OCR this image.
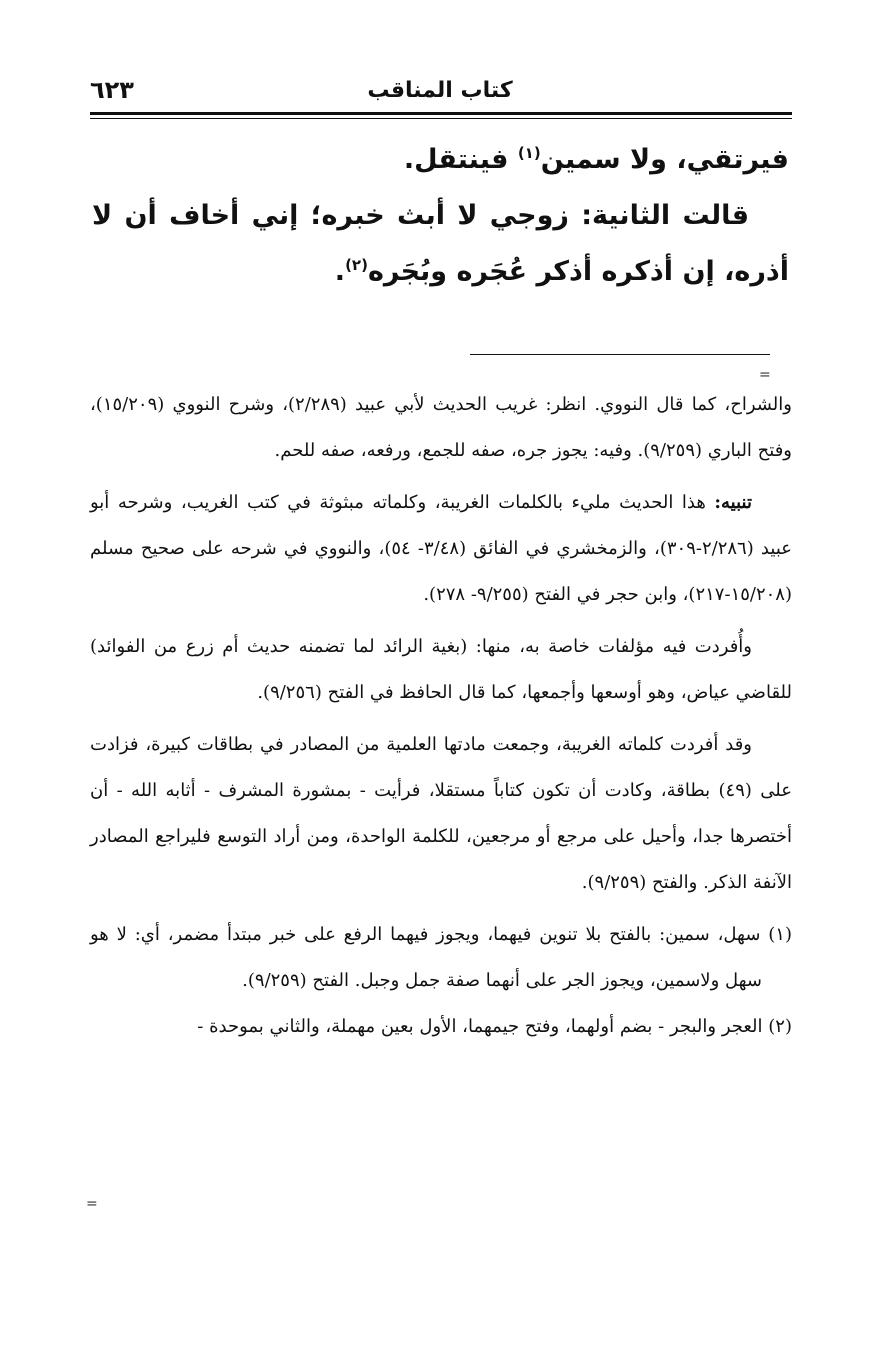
٦٢٣	كتاب المناقب

فيرتقي، ولا سمين$^{(١)}$ فينتقل.

قالت الثانية: زوجي لا أبث خبره؛ إني أخاف أن لا أذره، إن أذكره أذكر عُجَره وبُجَره$^{(٢)}$.

=

والشراح، كما قال النووي. انظر: غريب الحديث لأبي عبيد (٢/٢٨٩)، وشرح النووي (١٥/٢٠٩)، وفتح الباري (٩/٢٥٩). وفيه: يجوز جره، صفه للجمع، ورفعه، صفه للحم.

تنبيه: هذا الحديث مليء بالكلمات الغريبة، وكلماته مبثوثة في كتب الغريب، وشرحه أبو عبيد (٢/٢٨٦-٣٠٩)، والزمخشري في الفائق (٣/٤٨- ٥٤)، والنووي في شرحه على صحيح مسلم (١٥/٢٠٨-٢١٧)، وابن حجر في الفتح (٩/٢٥٥- ٢٧٨).

وأُفردت فيه مؤلفات خاصة به، منها: (بغية الرائد لما تضمنه حديث أم زرع من الفوائد) للقاضي عياض، وهو أوسعها وأجمعها، كما قال الحافظ في الفتح (٩/٢٥٦).

وقد أفردت كلماته الغريبة، وجمعت مادتها العلمية من المصادر في بطاقات كبيرة، فزادت على (٤٩) بطاقة، وكادت أن تكون كتاباً مستقلا، فرأيت - بمشورة المشرف - أثابه الله - أن أختصرها جدا، وأحيل على مرجع أو مرجعين، للكلمة الواحدة، ومن أراد التوسع فليراجع المصادر الآنفة الذكر. والفتح (٩/٢٥٩).

(١) سهل، سمين: بالفتح بلا تنوين فيهما، ويجوز فيهما الرفع على خبر مبتدأ مضمر، أي: لا هو سهل ولاسمين، ويجوز الجر على أنهما صفة جمل وجبل. الفتح (٩/٢٥٩).

(٢) العجر والبجر - بضم أولهما، وفتح جيمهما، الأول بعين مهملة، والثاني بموحدة -

=
